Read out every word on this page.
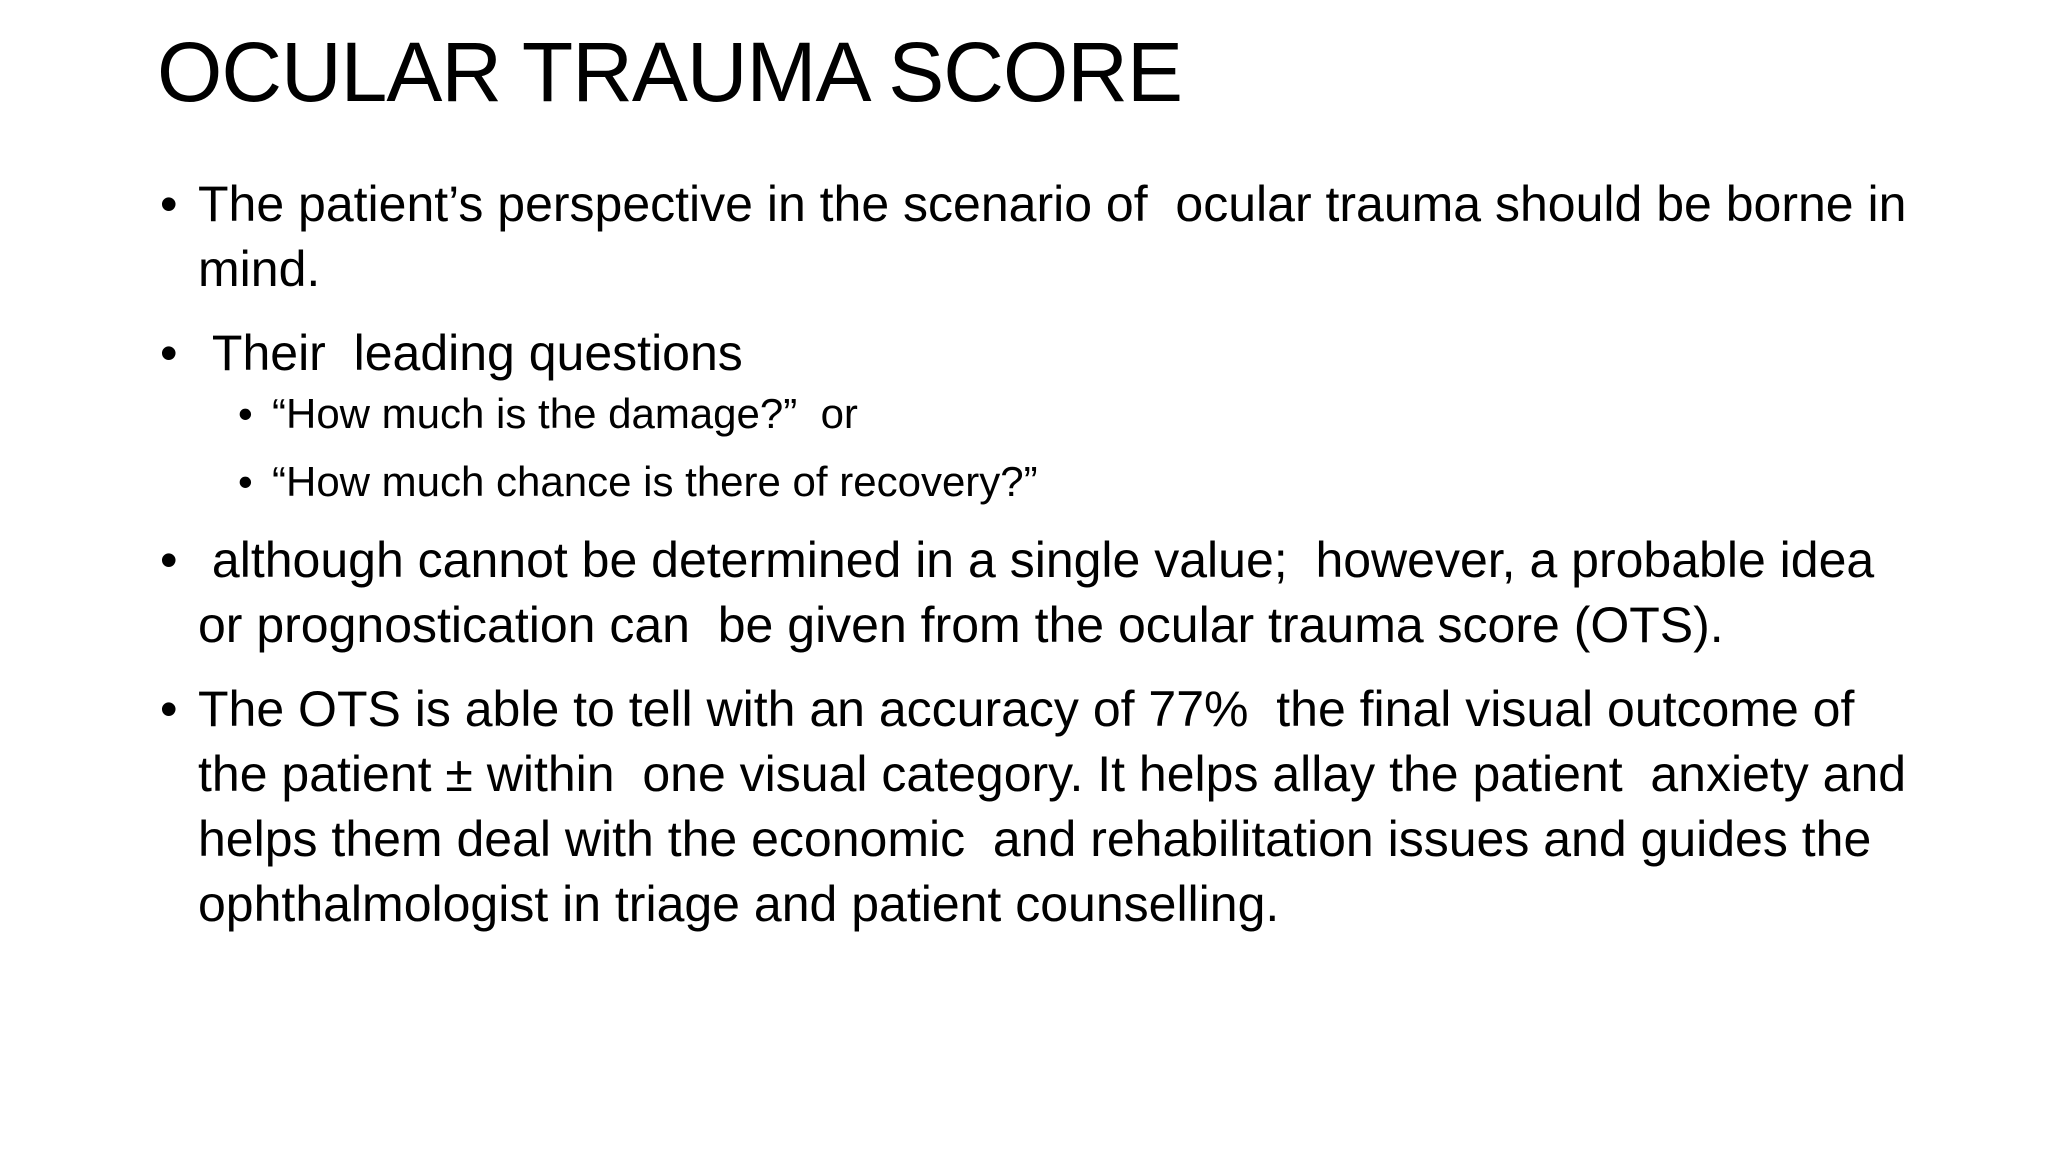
OCULAR TRAUMA SCORE
• The patient’s perspective in the scenario of  ocular trauma should be borne in mind.
• Their  leading questions
• “How much is the damage?”  or
• “How much chance is there of recovery?”
• although cannot be determined in a single value;  however, a probable idea or prognostication can  be given from the ocular trauma score (OTS).
• The OTS is able to tell with an accuracy of 77%  the final visual outcome of the patient ± within  one visual category. It helps allay the patient  anxiety and helps them deal with the economic  and rehabilitation issues and guides the ophthalmologist in triage and patient counselling.
